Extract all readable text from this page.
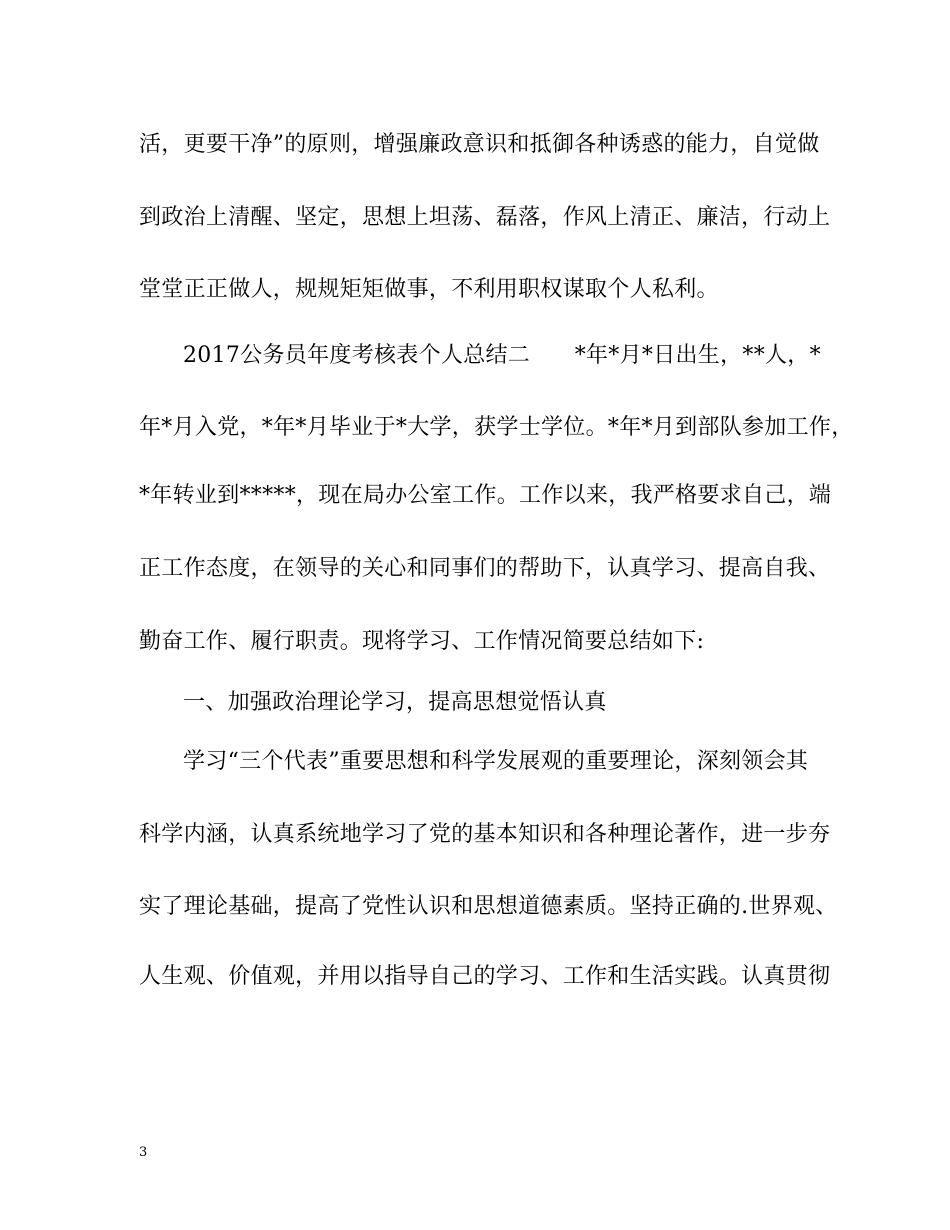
活，更要干净”的原则，增强廉政意识和抵御各种诱惑的能力，自觉做
到政治上清醒、坚定，思想上坦荡、磊落，作风上清正、廉洁，行动上
堂堂正正做人，规规矩矩做事，不利用职权谋取个人私利。
2017公务员年度考核表个人总结二　　*年*月*日出生，**人，*
年*月入党，*年*月毕业于*大学，获学士学位。*年*月到部队参加工作，
*年转业到*****，现在局办公室工作。工作以来，我严格要求自己，端
正工作态度，在领导的关心和同事们的帮助下，认真学习、提高自我、
勤奋工作、履行职责。现将学习、工作情况简要总结如下:
一、加强政治理论学习，提高思想觉悟认真
学习“三个代表”重要思想和科学发展观的重要理论，深刻领会其
科学内涵，认真系统地学习了党的基本知识和各种理论著作，进一步夯
实了理论基础，提高了党性认识和思想道德素质。坚持正确的.世界观、
人生观、价值观，并用以指导自己的学习、工作和生活实践。认真贯彻
3
